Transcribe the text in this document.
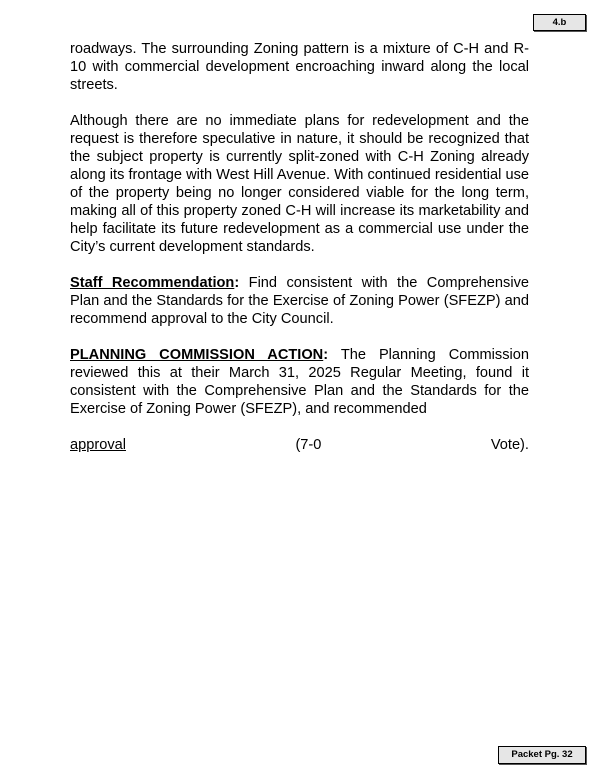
4.b

roadways. The surrounding Zoning pattern is a mixture of C-H and R-10 with commercial development encroaching inward along the local streets.

Although there are no immediate plans for redevelopment and the request is therefore speculative in nature, it should be recognized that the subject property is currently split-zoned with C-H Zoning already along its frontage with West Hill Avenue. With continued residential use of the property being no longer considered viable for the long term, making all of this property zoned C-H will increase its marketability and help facilitate its future redevelopment as a commercial use under the City’s current development standards.

Staff Recommendation: Find consistent with the Comprehensive Plan and the Standards for the Exercise of Zoning Power (SFEZP) and recommend approval to the City Council.

PLANNING COMMISSION ACTION: The Planning Commission reviewed this at their March 31, 2025 Regular Meeting, found it consistent with the Comprehensive Plan and the Standards for the Exercise of Zoning Power (SFEZP), and recommended

approval	(7-0	Vote).
Packet Pg. 32
